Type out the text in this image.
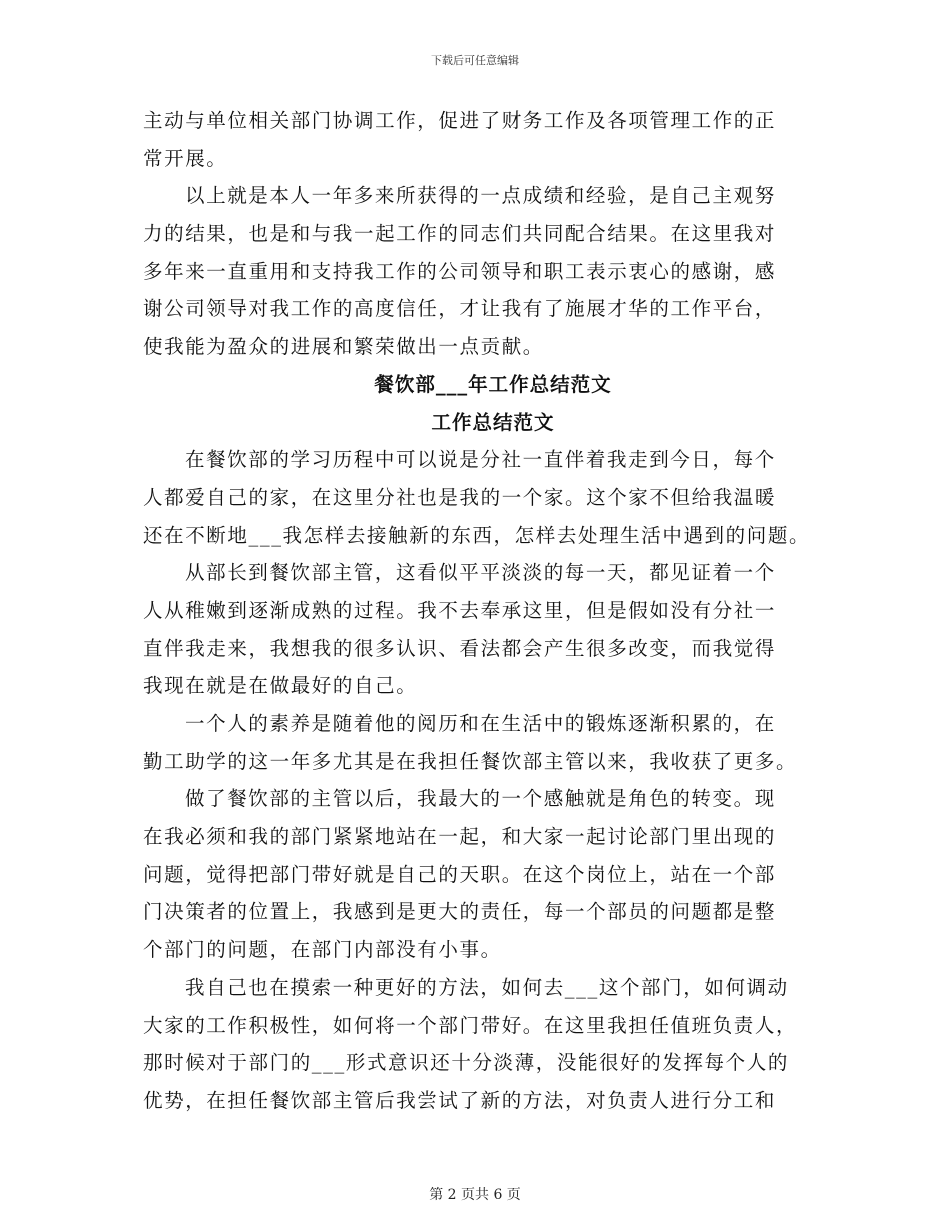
下载后可任意编辑
主动与单位相关部门协调工作，促进了财务工作及各项管理工作的正
常开展。
以上就是本人一年多来所获得的一点成绩和经验，是自己主观努
力的结果，也是和与我一起工作的同志们共同配合结果。在这里我对
多年来一直重用和支持我工作的公司领导和职工表示衷心的感谢，感
谢公司领导对我工作的高度信任，才让我有了施展才华的工作平台，
使我能为盈众的进展和繁荣做出一点贡献。
餐饮部___年工作总结范文
工作总结范文
在餐饮部的学习历程中可以说是分社一直伴着我走到今日，每个
人都爱自己的家，在这里分社也是我的一个家。这个家不但给我温暖
还在不断地___我怎样去接触新的东西，怎样去处理生活中遇到的问题。
从部长到餐饮部主管，这看似平平淡淡的每一天，都见证着一个
人从稚嫩到逐渐成熟的过程。我不去奉承这里，但是假如没有分社一
直伴我走来，我想我的很多认识、看法都会产生很多改变，而我觉得
我现在就是在做最好的自己。
一个人的素养是随着他的阅历和在生活中的锻炼逐渐积累的，在
勤工助学的这一年多尤其是在我担任餐饮部主管以来，我收获了更多。
做了餐饮部的主管以后，我最大的一个感触就是角色的转变。现
在我必须和我的部门紧紧地站在一起，和大家一起讨论部门里出现的
问题，觉得把部门带好就是自己的天职。在这个岗位上，站在一个部
门决策者的位置上，我感到是更大的责任，每一个部员的问题都是整
个部门的问题，在部门内部没有小事。
我自己也在摸索一种更好的方法，如何去___这个部门，如何调动
大家的工作积极性，如何将一个部门带好。在这里我担任值班负责人，
那时候对于部门的___形式意识还十分淡薄，没能很好的发挥每个人的
优势，在担任餐饮部主管后我尝试了新的方法，对负责人进行分工和
第 2 页共 6 页
